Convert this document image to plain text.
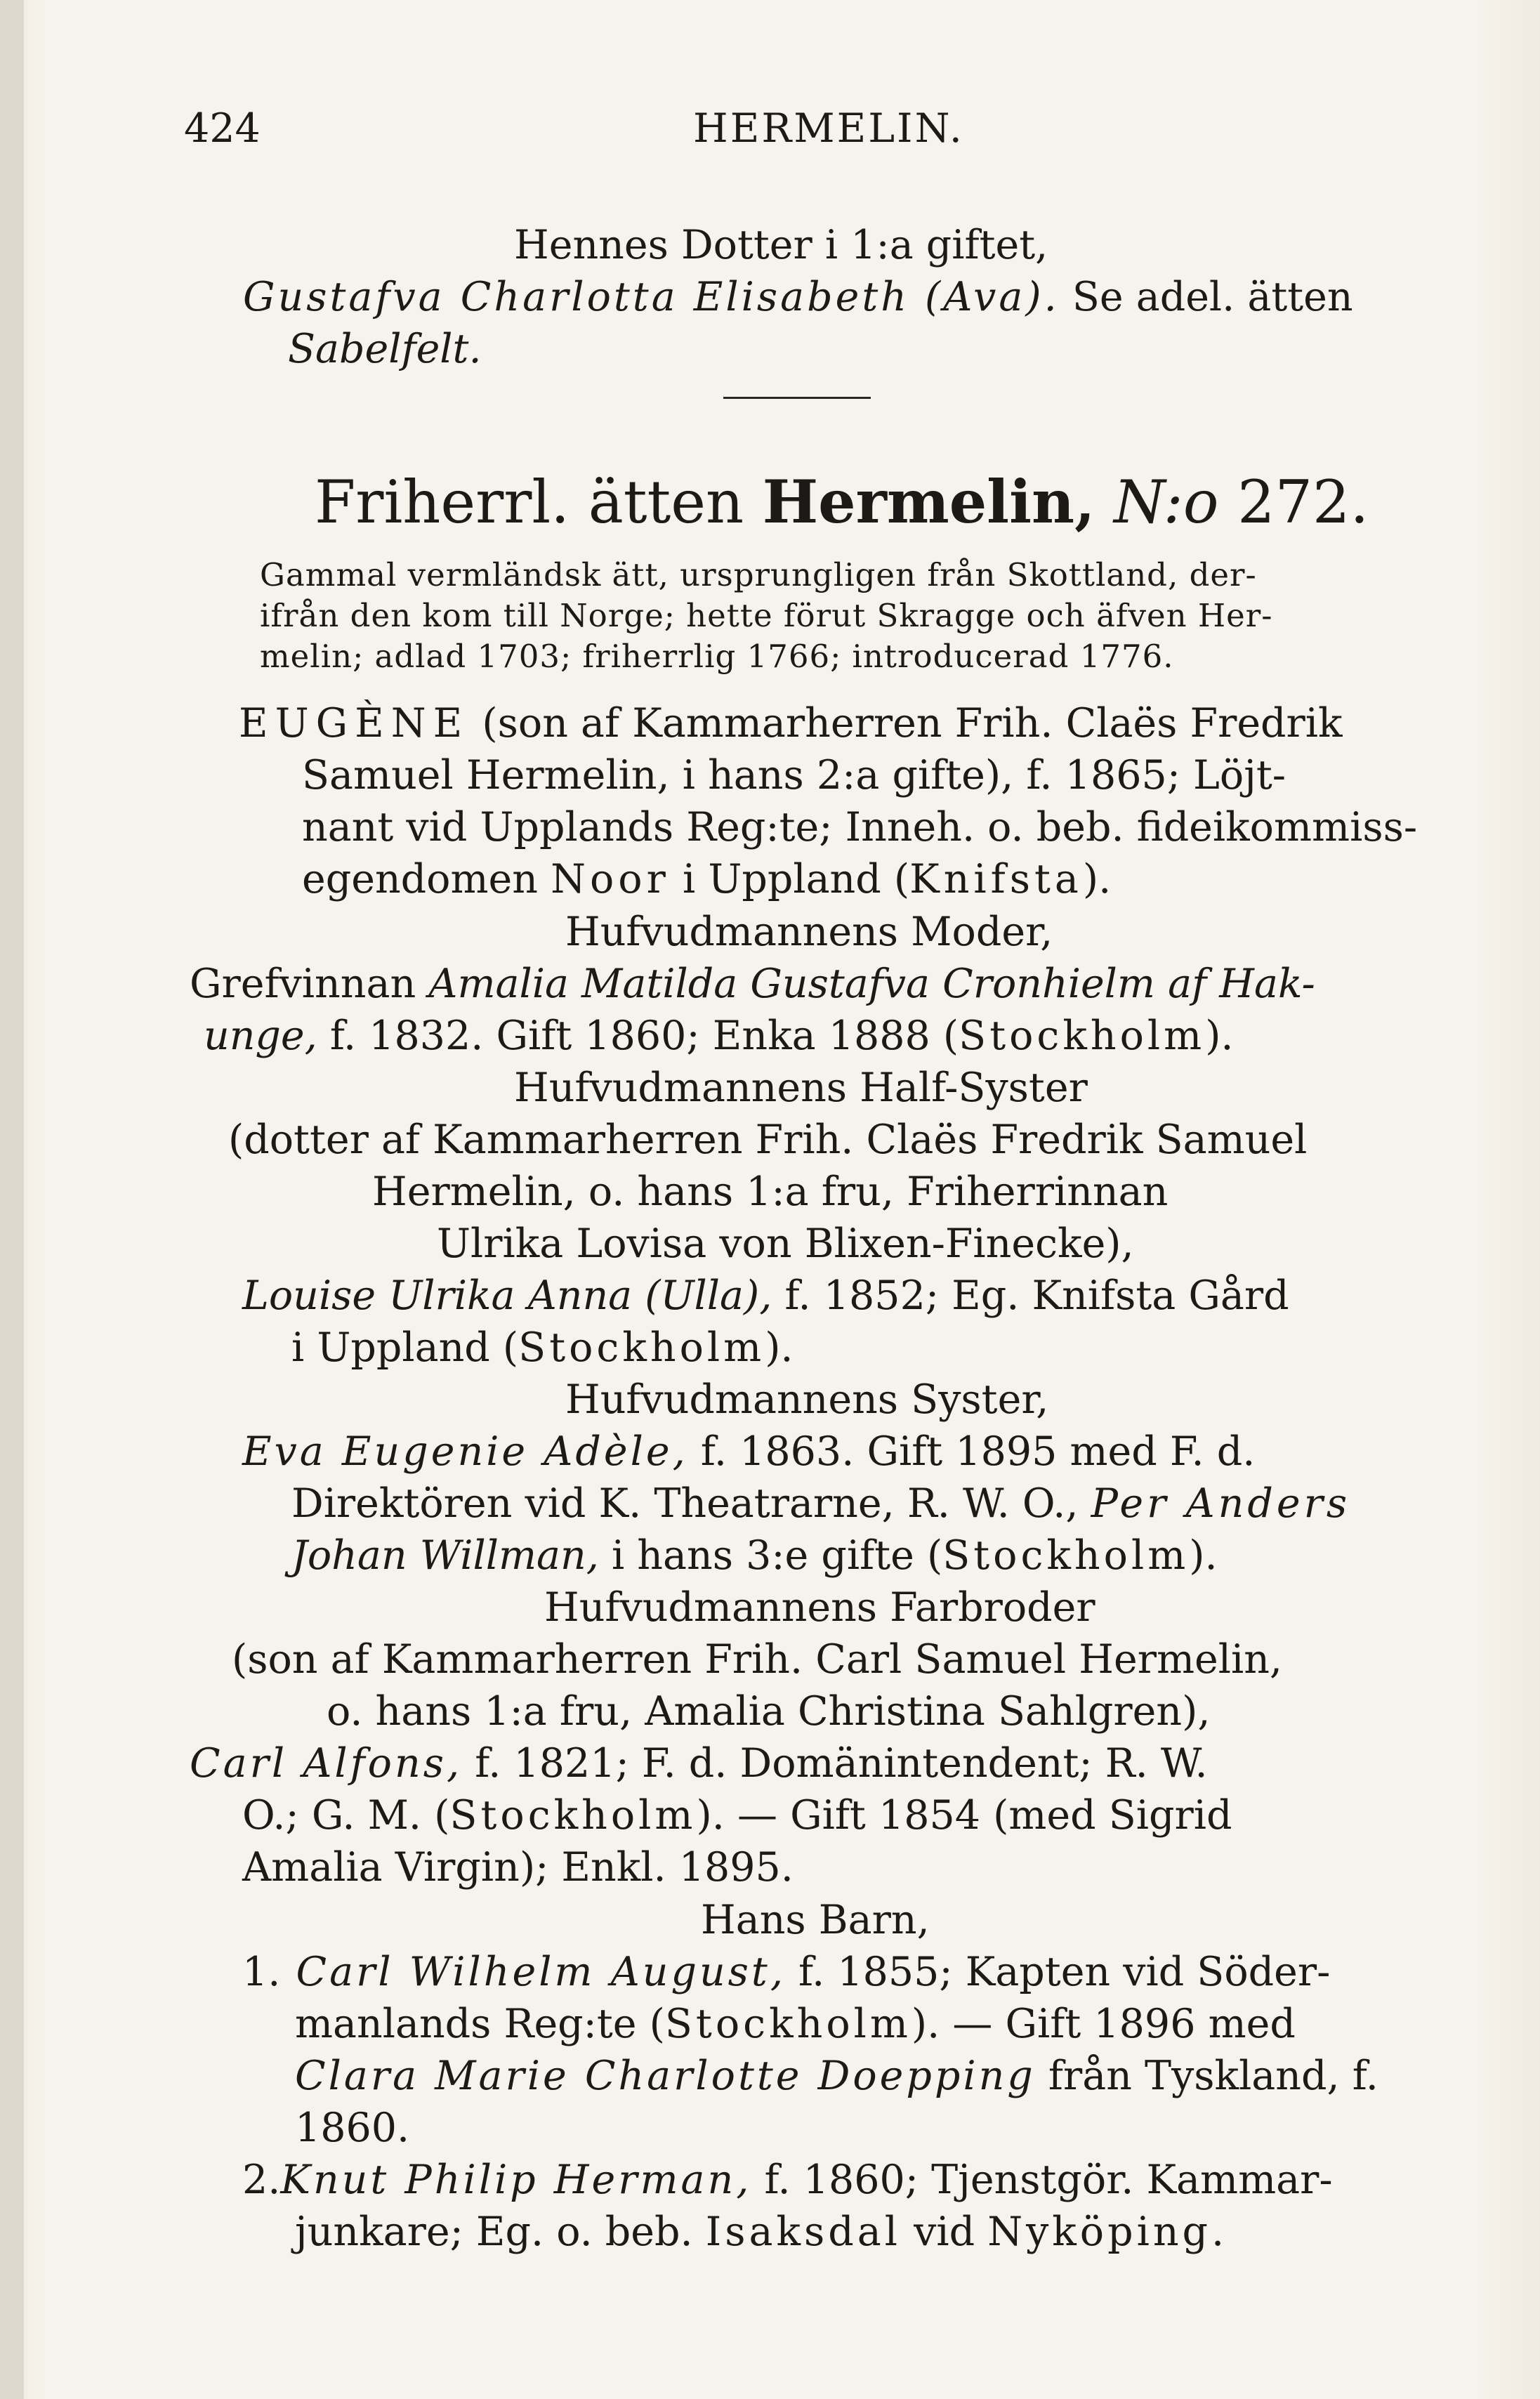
424	HERMELIN.
Hennes Dotter i 1:a giftet,
Gustafva Charlotta Elisabeth (Ava). Se adel. ätten
Sabelfelt.
Friherrl. ätten Hermelin, N:o 272.
Gammal vermländsk ätt, ursprungligen från Skottland, der-
ifrån den kom till Norge; hette förut Skragge och äfven Her-
melin; adlad 1703; friherrlig 1766; introducerad 1776.
EUGÈNE (son af Kammarherren Frih. Claës Fredrik
Samuel Hermelin, i hans 2:a gifte), f. 1865; Löjt-
nant vid Upplands Reg:te; Inneh. o. beb. fideikommiss-
egendomen Noor i Uppland (Knifsta).
Hufvudmannens Moder,
Grefvinnan Amalia Matilda Gustafva Cronhielm af Hak-
unge, f. 1832. Gift 1860; Enka 1888 (Stockholm).
Hufvudmannens Half-Syster
(dotter af Kammarherren Frih. Claës Fredrik Samuel
Hermelin, o. hans 1:a fru, Friherrinnan
Ulrika Lovisa von Blixen-Finecke),
Louise Ulrika Anna (Ulla), f. 1852; Eg. Knifsta Gård
i Uppland (Stockholm).
Hufvudmannens Syster,
Eva Eugenie Adèle, f. 1863. Gift 1895 med F. d.
Direktören vid K. Theatrarne, R. W. O., Per Anders
Johan Willman, i hans 3:e gifte (Stockholm).
Hufvudmannens Farbroder
(son af Kammarherren Frih. Carl Samuel Hermelin,
o. hans 1:a fru, Amalia Christina Sahlgren),
Carl Alfons, f. 1821; F. d. Domänintendent; R. W.
O.; G. M. (Stockholm). — Gift 1854 (med Sigrid
Amalia Virgin); Enkl. 1895.
Hans Barn,
1. Carl Wilhelm August, f. 1855; Kapten vid Söder-
manlands Reg:te (Stockholm). — Gift 1896 med
Clara Marie Charlotte Doepping från Tyskland, f.
1860.
2.Knut Philip Herman, f. 1860; Tjenstgör. Kammar-
junkare; Eg. o. beb. Isaksdal vid Nyköping.
